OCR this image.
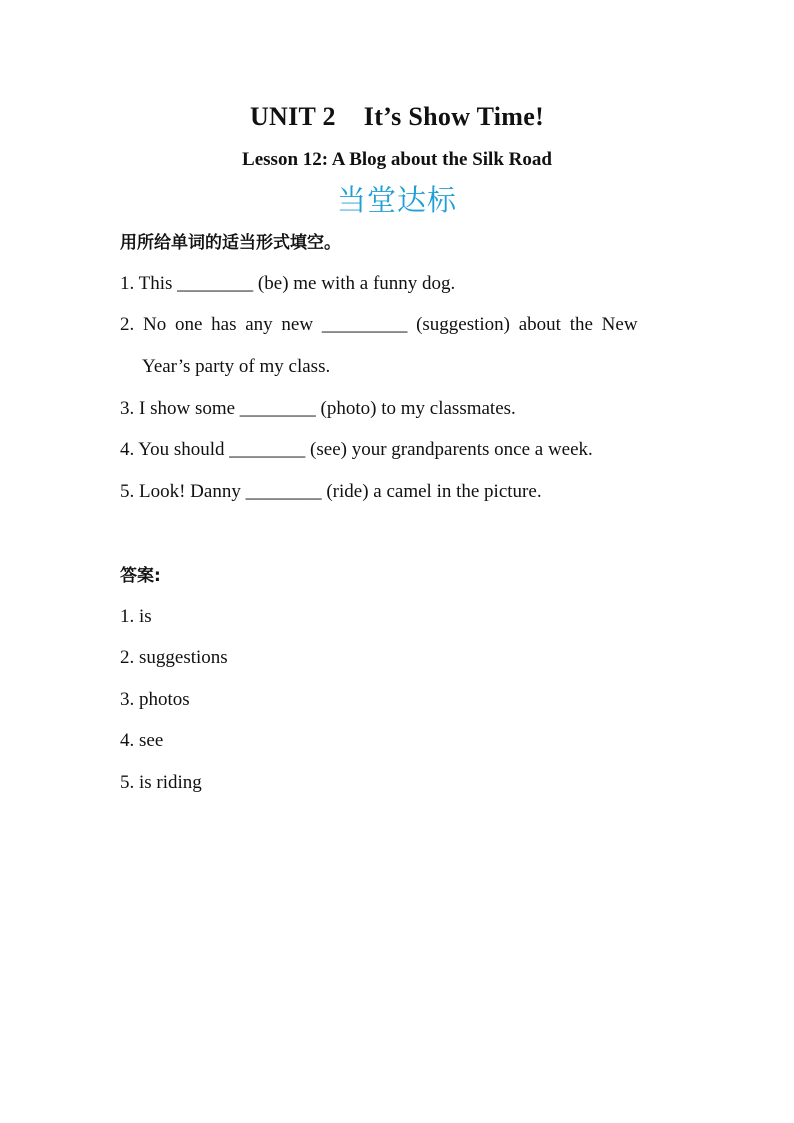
UNIT 2 It’s Show Time!
Lesson 12: A Blog about the Silk Road
当堂达标
用所给单词的适当形式填空。
1. This ________ (be) me with a funny dog.
2. No one has any new _________ (suggestion) about the New
Year’s party of my class.
3. I show some ________ (photo) to my classmates.
4. You should ________ (see) your grandparents once a week.
5. Look! Danny ________ (ride) a camel in the picture.
答案:
1. is
2. suggestions
3. photos
4. see
5. is riding
